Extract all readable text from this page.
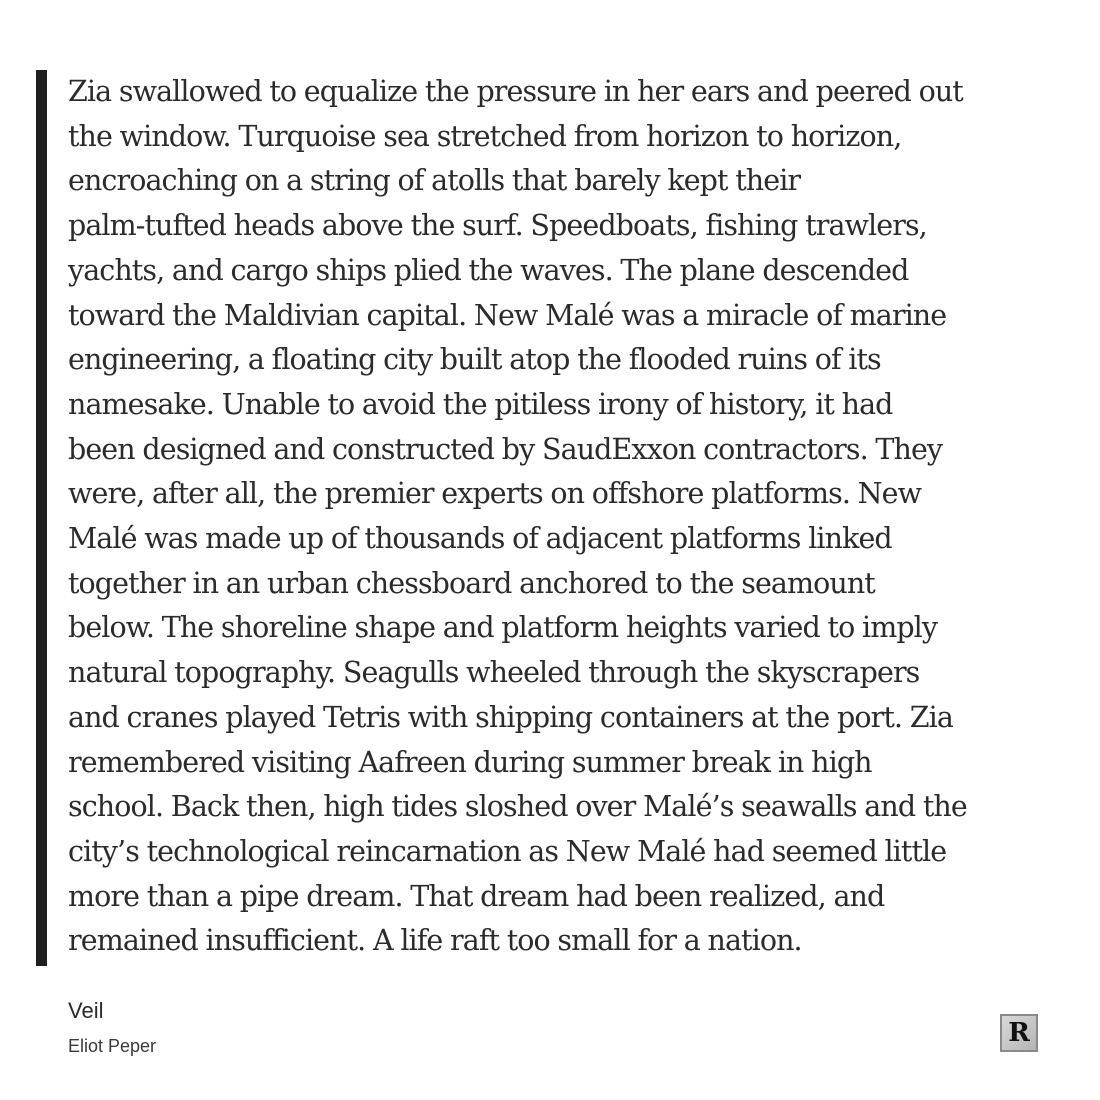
Zia swallowed to equalize the pressure in her ears and peered out
the window. Turquoise sea stretched from horizon to horizon,
encroaching on a string of atolls that barely kept their
palm-tufted heads above the surf. Speedboats, fishing trawlers,
yachts, and cargo ships plied the waves. The plane descended
toward the Maldivian capital. New Malé was a miracle of marine
engineering, a floating city built atop the flooded ruins of its
namesake. Unable to avoid the pitiless irony of history, it had
been designed and constructed by SaudExxon contractors. They
were, after all, the premier experts on offshore platforms. New
Malé was made up of thousands of adjacent platforms linked
together in an urban chessboard anchored to the seamount
below. The shoreline shape and platform heights varied to imply
natural topography. Seagulls wheeled through the skyscrapers
and cranes played Tetris with shipping containers at the port. Zia
remembered visiting Aafreen during summer break in high
school. Back then, high tides sloshed over Malé’s seawalls and the
city’s technological reincarnation as New Malé had seemed little
more than a pipe dream. That dream had been realized, and
remained insufficient. A life raft too small for a nation.

Veil

Eliot Peper	R
